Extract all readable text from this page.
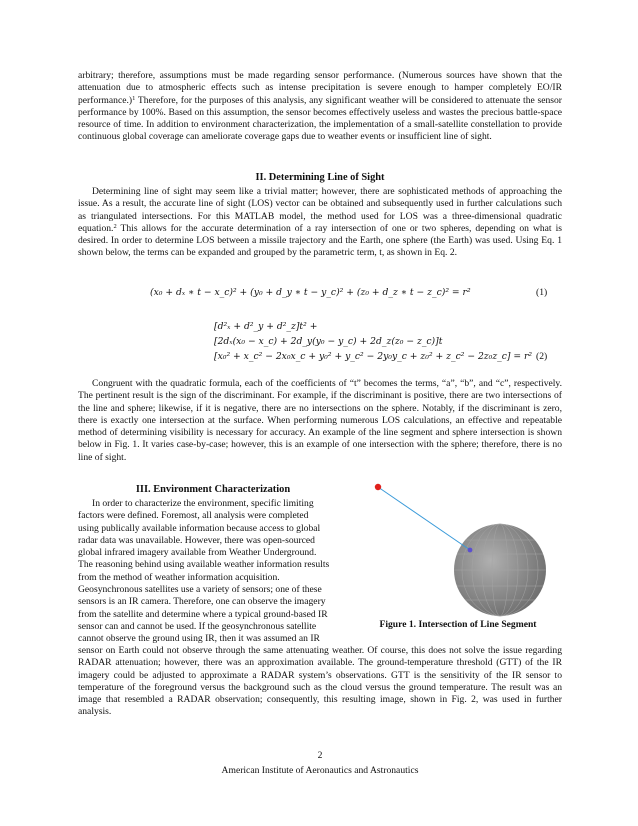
arbitrary; therefore, assumptions must be made regarding sensor performance. (Numerous sources have shown that the attenuation due to atmospheric effects such as intense precipitation is severe enough to hamper completely EO/IR performance.)$^1$ Therefore, for the purposes of this analysis, any significant weather will be considered to attenuate the sensor performance by 100%. Based on this assumption, the sensor becomes effectively useless and wastes the precious battle-space resource of time. In addition to environment characterization, the implementation of a small-satellite constellation to provide continuous global coverage can ameliorate coverage gaps due to weather events or insufficient line of sight.

II. Determining Line of Sight

Determining line of sight may seem like a trivial matter; however, there are sophisticated methods of approaching the issue. As a result, the accurate line of sight (LOS) vector can be obtained and subsequently used in further calculations such as triangulated intersections. For this MATLAB model, the method used for LOS was a three-dimensional quadratic equation.$^2$ This allows for the accurate determination of a ray intersection of one or two spheres, depending on what is desired. In order to determine LOS between a missile trajectory and the Earth, one sphere (the Earth) was used. Using Eq. 1 shown below, the terms can be expanded and grouped by the parametric term, t, as shown in Eq. 2.

(x₀ + dₓ ∗ t − x_c)² + (y₀ + d_y ∗ t − y_c)² + (z₀ + d_z ∗ t − z_c)² = r²	(1)
[d²ₓ + d²_y + d²_z]t² +
[2dₓ(x₀ − x_c) + 2d_y(y₀ − y_c) + 2d_z(z₀ − z_c)]t
[x₀² + x_c² − 2x₀x_c + y₀² + y_c² − 2y₀y_c + z₀² + z_c² − 2z₀z_c] = r² (2)

Congruent with the quadratic formula, each of the coefficients of “t” becomes the terms, “a”, “b”, and “c”, respectively. The pertinent result is the sign of the discriminant. For example, if the discriminant is positive, there are two intersections of the line and sphere; likewise, if it is negative, there are no intersections on the sphere. Notably, if the discriminant is zero, there is exactly one intersection at the surface. When performing numerous LOS calculations, an effective and repeatable method of determining visibility is necessary for accuracy. An example of the line segment and sphere intersection is shown below in Fig. 1. It varies case-by-case; however, this is an example of one intersection with the sphere; therefore, there is no line of sight.

III. Environment Characterization

In order to characterize the environment, specific limiting
factors were defined. Foremost, all analysis were completed
using publically available information because access to global
radar data was unavailable. However, there was open-sourced
global infrared imagery available from Weather Underground.
The reasoning behind using available weather information results
from the method of weather information acquisition.
Geosynchronous satellites use a variety of sensors; one of these
sensors is an IR camera. Therefore, one can observe the imagery
from the satellite and determine where a typical ground-based IR
sensor can and cannot be used. If the geosynchronous satellite
cannot observe the ground using IR, then it was assumed an IR
Figure 1. Intersection of Line Segment

sensor on Earth could not observe through the same attenuating weather. Of course, this does not solve the issue regarding RADAR attenuation; however, there was an approximation available. The ground-temperature threshold (GTT) of the IR imagery could be adjusted to approximate a RADAR system’s observations. GTT is the sensitivity of the IR sensor to temperature of the foreground versus the background such as the cloud versus the ground temperature. The result was an image that resembled a RADAR observation; consequently, this resulting image, shown in Fig. 2, was used in further analysis.

2
American Institute of Aeronautics and Astronautics
